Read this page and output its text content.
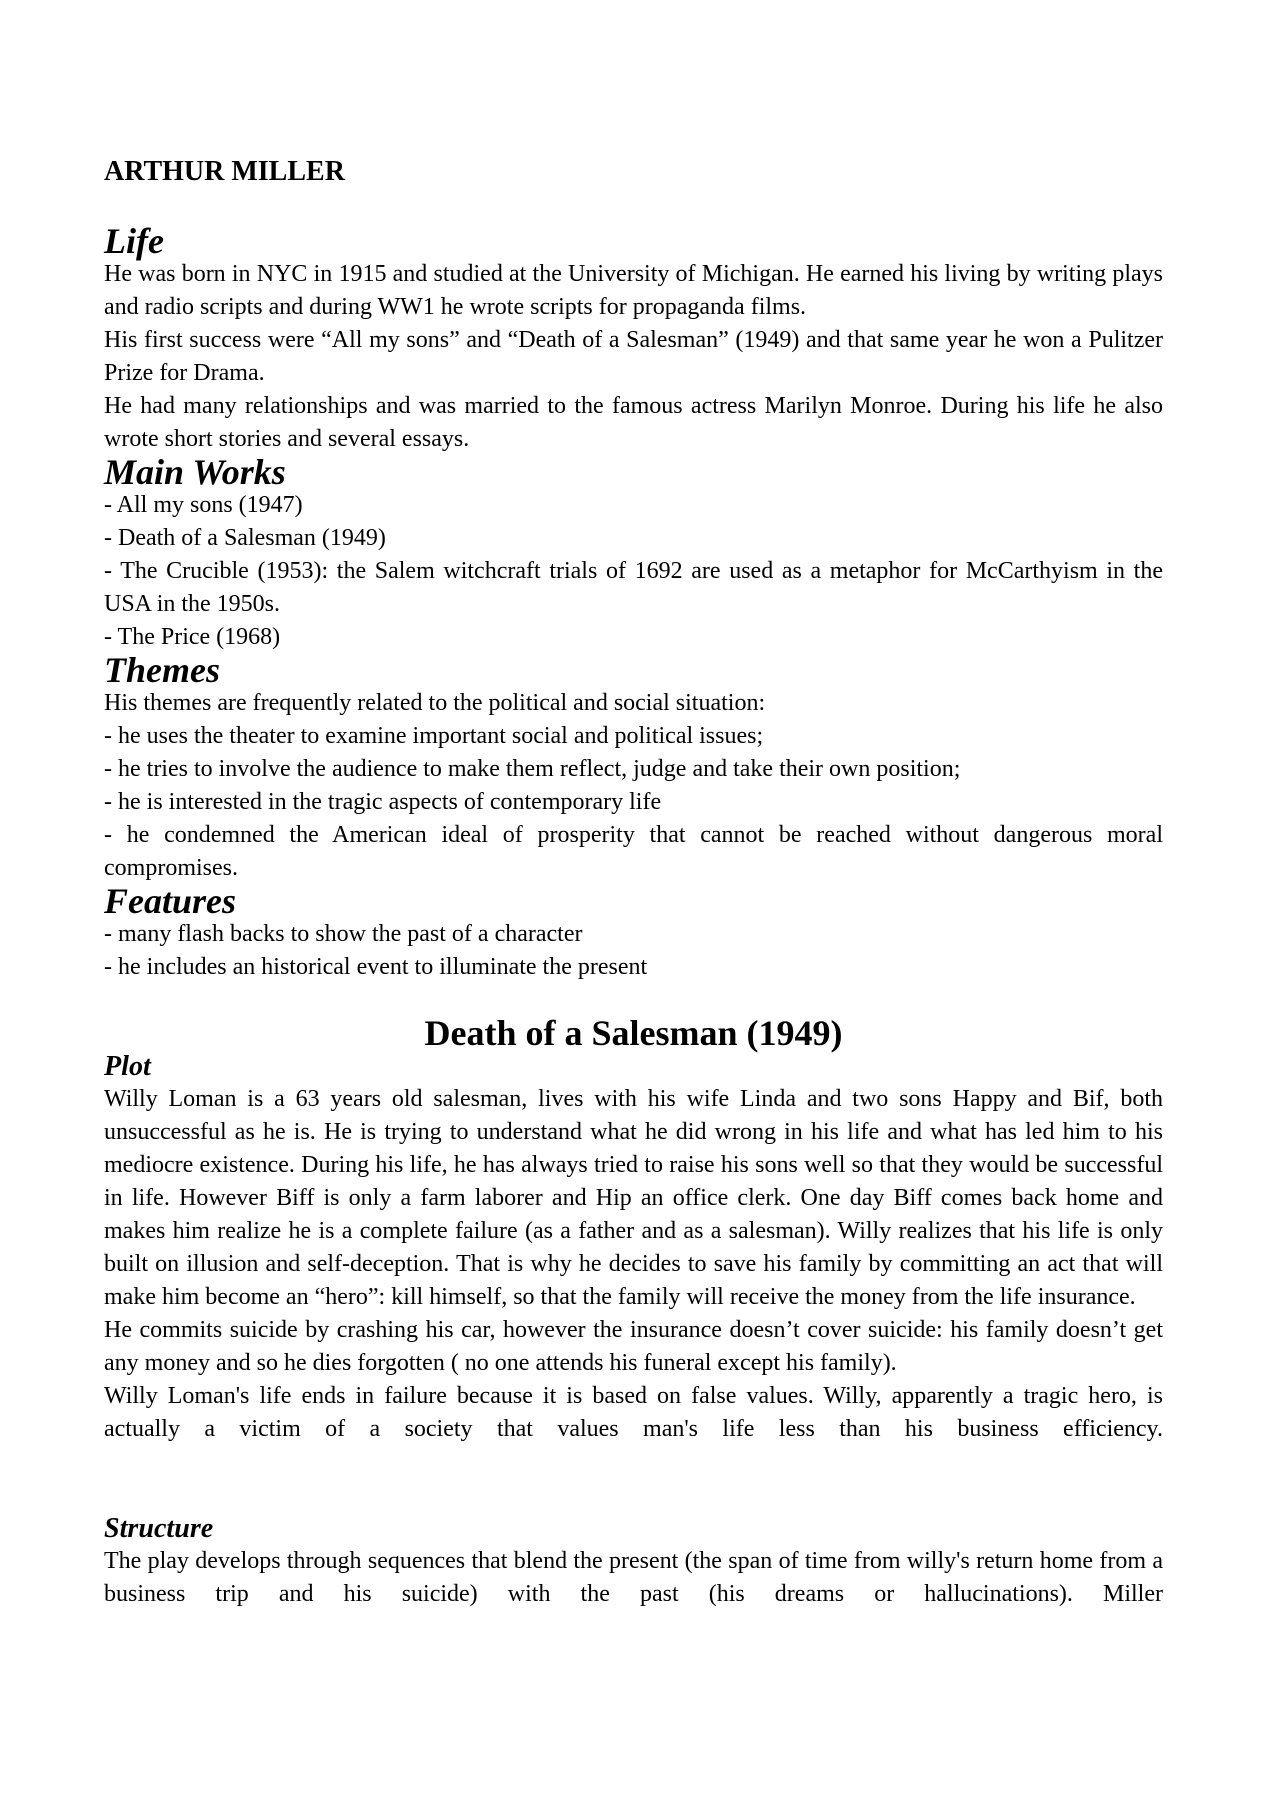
ARTHUR MILLER
Life

He was born in NYC in 1915 and studied at the University of Michigan. He earned his living by writing plays and radio scripts and during WW1 he wrote scripts for propaganda films.

His first success were “All my sons” and “Death of a Salesman” (1949) and that same year he won a Pulitzer Prize for Drama.

He had many relationships and was married to the famous actress Marilyn Monroe. During his life he also wrote short stories and several essays.

Main Works

- All my sons (1947)

- Death of a Salesman (1949)

- The Crucible (1953): the Salem witchcraft trials of 1692 are used as a metaphor for McCarthyism in the USA in the 1950s.

- The Price (1968)

Themes

His themes are frequently related to the political and social situation:

- he uses the theater to examine important social and political issues;

- he tries to involve the audience to make them reflect, judge and take their own position;

- he is interested in the tragic aspects of contemporary life

- he condemned the American ideal of prosperity that cannot be reached without dangerous moral compromises.

Features

- many flash backs to show the past of a character

- he includes an historical event to illuminate the present

Death of a Salesman (1949)
Plot

Willy Loman is a 63 years old salesman, lives with his wife Linda and two sons Happy and Bif, both unsuccessful as he is. He is trying to understand what he did wrong in his life and what has led him to his mediocre existence. During his life, he has always tried to raise his sons well so that they would be successful in life. However Biff is only a farm laborer and Hip an office clerk. One day Biff comes back home and makes him realize he is a complete failure (as a father and as a salesman). Willy realizes that his life is only built on illusion and self-deception. That is why he decides to save his family by committing an act that will make him become an “hero”: kill himself, so that the family will receive the money from the life insurance.

He commits suicide by crashing his car, however the insurance doesn’t cover suicide: his family doesn’t get any money and so he dies forgotten ( no one attends his funeral except his family).

Willy Loman's life ends in failure because it is based on false values. Willy, apparently a tragic hero, is actually a victim of a society that values man's life less than his business efficiency.

Structure

The play develops through sequences that blend the present (the span of time from willy's return home from a business trip and his suicide) with the past (his dreams or hallucinations). Miller
